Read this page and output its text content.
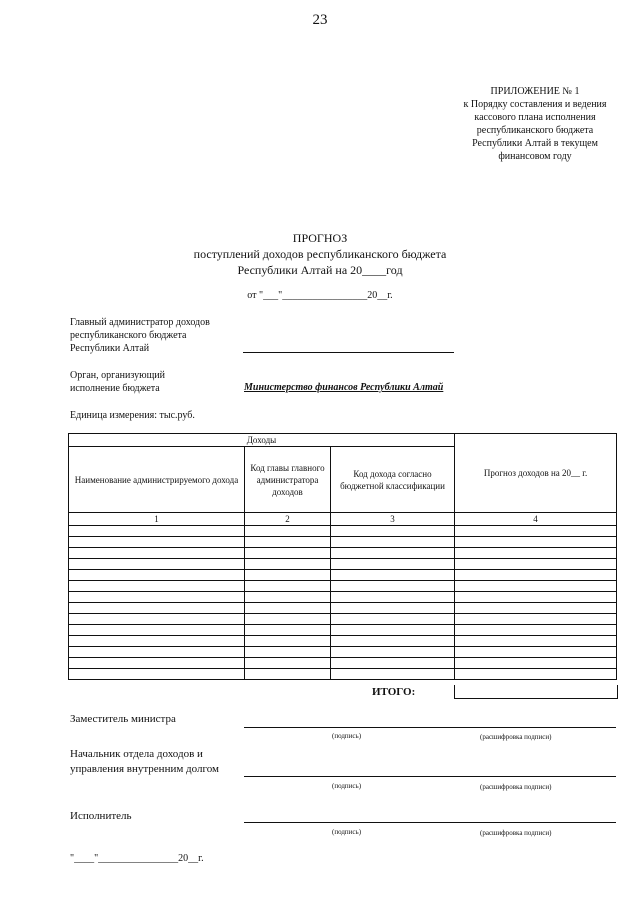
23
ПРИЛОЖЕНИЕ № 1
к Порядку составления и ведения
кассового плана исполнения
республиканского бюджета
Республики Алтай в текущем
финансовом году
ПРОГНОЗ
поступлений доходов республиканского бюджета
Республики Алтай на 20____год
от "___"_________________20__г.
Главный администратор доходов
республиканского бюджета
Республики Алтай
Орган, организующий
исполнение бюджета	Министерство финансов Республики Алтай
Единица измерения: тыс.руб.
Доходы			Прогноз доходов на 20__ г.
Наименование администрируемого дохода	Код главы главного администратора доходов	Код дохода согласно бюджетной классификации	
1	2	3	4

ИТОГО:
Заместитель министра
(подпись)	(расшифровка подписи)
Начальник отдела доходов и
управления внутренним долгом
(подпись)	(расшифровка подписи)
Исполнитель
(подпись)	(расшифровка подписи)
"____"________________20__г.
